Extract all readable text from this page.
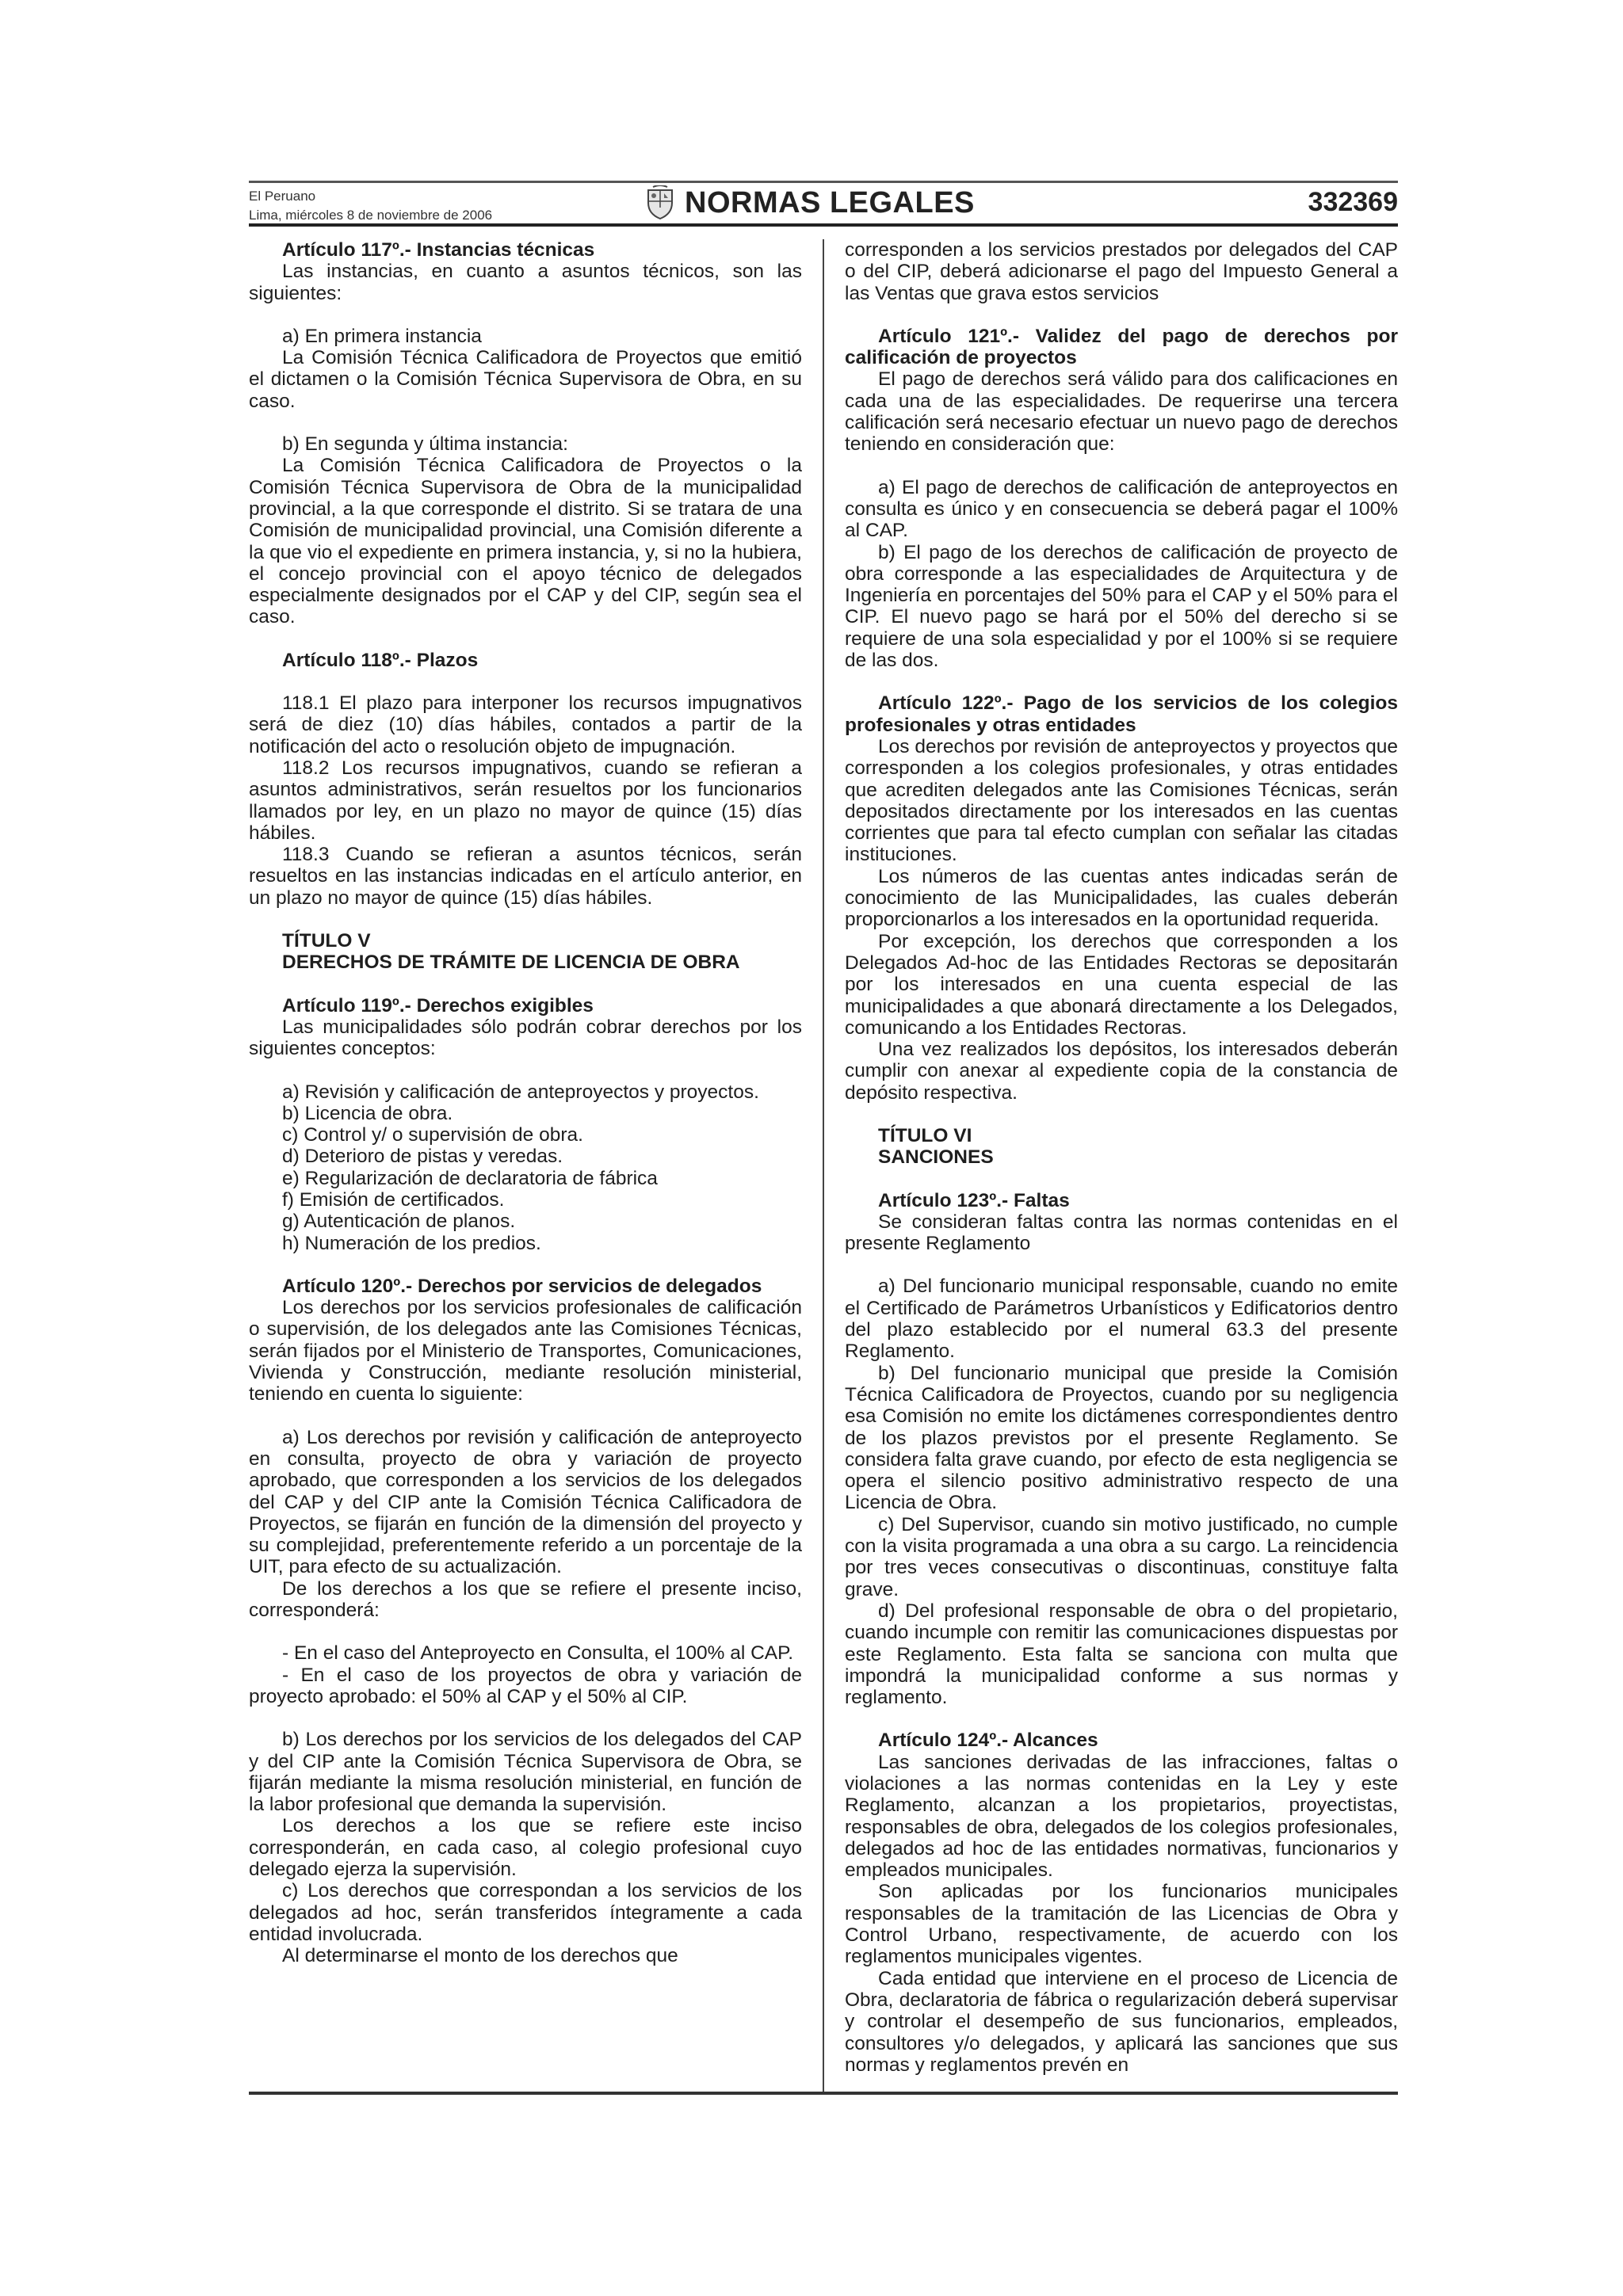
El Peruano
Lima, miércoles 8 de noviembre de 2006	NORMAS LEGALES	332369

Artículo 117º.- Instancias técnicas

Las instancias, en cuanto a asuntos técnicos, son las siguientes:

a) En primera instancia

La Comisión Técnica Calificadora de Proyectos que emitió el dictamen o la Comisión Técnica Supervisora de Obra, en su caso.

b) En segunda y última instancia:

La Comisión Técnica Calificadora de Proyectos o la Comisión Técnica Supervisora de Obra de la municipalidad provincial, a la que corresponde el distrito. Si se tratara de una Comisión de municipalidad provincial, una Comisión diferente a la que vio el expediente en primera instancia, y, si no la hubiera, el concejo provincial con el apoyo técnico de delegados especialmente designados por el CAP y del CIP, según sea el caso.

Artículo 118º.- Plazos

118.1 El plazo para interponer los recursos impugnativos será de diez (10) días hábiles, contados a partir de la notificación del acto o resolución objeto de impugnación.

118.2 Los recursos impugnativos, cuando se refieran a asuntos administrativos, serán resueltos por los funcionarios llamados por ley, en un plazo no mayor de quince (15) días hábiles.

118.3 Cuando se refieran a asuntos técnicos, serán resueltos en las instancias indicadas en el artículo anterior, en un plazo no mayor de quince (15) días hábiles.

TÍTULO V

DERECHOS DE TRÁMITE DE LICENCIA DE OBRA

Artículo 119º.- Derechos exigibles

Las municipalidades sólo podrán cobrar derechos por los siguientes conceptos:

a) Revisión y calificación de anteproyectos y proyectos.

b) Licencia de obra.

c) Control y/ o supervisión de obra.

d) Deterioro de pistas y veredas.

e) Regularización de declaratoria de fábrica

f) Emisión de certificados.

g) Autenticación de planos.

h) Numeración de los predios.

Artículo 120º.- Derechos por servicios de delegados

Los derechos por los servicios profesionales de calificación o supervisión, de los delegados ante las Comisiones Técnicas, serán fijados por el Ministerio de Transportes, Comunicaciones, Vivienda y Construcción, mediante resolución ministerial, teniendo en cuenta lo siguiente:

a) Los derechos por revisión y calificación de anteproyecto en consulta, proyecto de obra y variación de proyecto aprobado, que corresponden a los servicios de los delegados del CAP y del CIP ante la Comisión Técnica Calificadora de Proyectos, se fijarán en función de la dimensión del proyecto y su complejidad, preferentemente referido a un porcentaje de la UIT, para efecto de su actualización.

De los derechos a los que se refiere el presente inciso, corresponderá:

- En el caso del Anteproyecto en Consulta, el 100% al CAP.

- En el caso de los proyectos de obra y variación de proyecto aprobado: el 50% al CAP y el 50% al CIP.

b) Los derechos por los servicios de los delegados del CAP y del CIP ante la Comisión Técnica Supervisora de Obra, se fijarán mediante la misma resolución ministerial, en función de la labor profesional que demanda la supervisión.

Los derechos a los que se refiere este inciso corresponderán, en cada caso, al colegio profesional cuyo delegado ejerza la supervisión.

c) Los derechos que correspondan a los servicios de los delegados ad hoc, serán transferidos íntegramente a cada entidad involucrada.

Al determinarse el monto de los derechos que

corresponden a los servicios prestados por delegados del CAP o del CIP, deberá adicionarse el pago del Impuesto General a las Ventas que grava estos servicios

Artículo 121º.- Validez del pago de derechos por calificación de proyectos

El pago de derechos será válido para dos calificaciones en cada una de las especialidades. De requerirse una tercera calificación será necesario efectuar un nuevo pago de derechos teniendo en consideración que:

a) El pago de derechos de calificación de anteproyectos en consulta es único y en consecuencia se deberá pagar el 100% al CAP.

b) El pago de los derechos de calificación de proyecto de obra corresponde a las especialidades de Arquitectura y de Ingeniería en porcentajes del 50% para el CAP y el 50% para el CIP. El nuevo pago se hará por el 50% del derecho si se requiere de una sola especialidad y por el 100% si se requiere de las dos.

Artículo 122º.- Pago de los servicios de los colegios profesionales y otras entidades

Los derechos por revisión de anteproyectos y proyectos que corresponden a los colegios profesionales, y otras entidades que acrediten delegados ante las Comisiones Técnicas, serán depositados directamente por los interesados en las cuentas corrientes que para tal efecto cumplan con señalar las citadas instituciones.

Los números de las cuentas antes indicadas serán de conocimiento de las Municipalidades, las cuales deberán proporcionarlos a los interesados en la oportunidad requerida.

Por excepción, los derechos que corresponden a los Delegados Ad-hoc de las Entidades Rectoras se depositarán por los interesados en una cuenta especial de las municipalidades a que abonará directamente a los Delegados, comunicando a los Entidades Rectoras.

Una vez realizados los depósitos, los interesados deberán cumplir con anexar al expediente copia de la constancia de depósito respectiva.

TÍTULO VI

SANCIONES

Artículo 123º.- Faltas

Se consideran faltas contra las normas contenidas en el presente Reglamento

a) Del funcionario municipal responsable, cuando no emite el Certificado de Parámetros Urbanísticos y Edificatorios dentro del plazo establecido por el numeral 63.3 del presente Reglamento.

b) Del funcionario municipal que preside la Comisión Técnica Calificadora de Proyectos, cuando por su negligencia esa Comisión no emite los dictámenes correspondientes dentro de los plazos previstos por el presente Reglamento. Se considera falta grave cuando, por efecto de esta negligencia se opera el silencio positivo administrativo respecto de una Licencia de Obra.

c) Del Supervisor, cuando sin motivo justificado, no cumple con la visita programada a una obra a su cargo. La reincidencia por tres veces consecutivas o discontinuas, constituye falta grave.

d) Del profesional responsable de obra o del propietario, cuando incumple con remitir las comunicaciones dispuestas por este Reglamento. Esta falta se sanciona con multa que impondrá la municipalidad conforme a sus normas y reglamento.

Artículo 124º.- Alcances

Las sanciones derivadas de las infracciones, faltas o violaciones a las normas contenidas en la Ley y este Reglamento, alcanzan a los propietarios, proyectistas, responsables de obra, delegados de los colegios profesionales, delegados ad hoc de las entidades normativas, funcionarios y empleados municipales.

Son aplicadas por los funcionarios municipales responsables de la tramitación de las Licencias de Obra y Control Urbano, respectivamente, de acuerdo con los reglamentos municipales vigentes.

Cada entidad que interviene en el proceso de Licencia de Obra, declaratoria de fábrica o regularización deberá supervisar y controlar el desempeño de sus funcionarios, empleados, consultores y/o delegados, y aplicará las sanciones que sus normas y reglamentos prevén en
